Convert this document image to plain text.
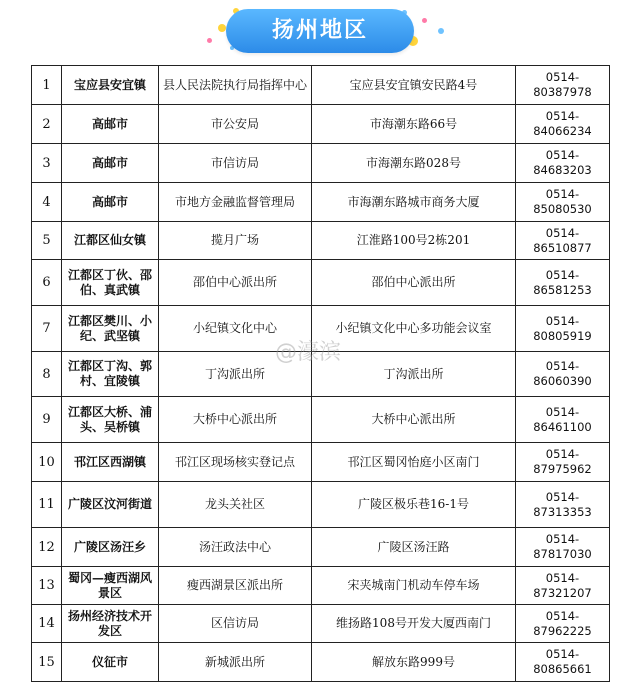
扬州地区
1	宝应县安宜镇	县人民法院执行局指挥中心	宝应县安宜镇安民路4号	0514-80387978
2	高邮市	市公安局	市海潮东路66号	0514-84066234
3	高邮市	市信访局	市海潮东路028号	0514-84683203
4	高邮市	市地方金融监督管理局	市海潮东路城市商务大厦	0514-85080530
5	江都区仙女镇	揽月广场	江淮路100号2栋201	0514-86510877
6	江都区丁伙、邵伯、真武镇	邵伯中心派出所	邵伯中心派出所	0514-86581253
7	江都区樊川、小纪、武坚镇	小纪镇文化中心	小纪镇文化中心多功能会议室	0514-80805919
8	江都区丁沟、郭村、宜陵镇	丁沟派出所	丁沟派出所	0514-86060390
9	江都区大桥、浦头、吴桥镇	大桥中心派出所	大桥中心派出所	0514-86461100
10	邗江区西湖镇	邗江区现场核实登记点	邗江区蜀冈怡庭小区南门	0514-87975962
11	广陵区汶河街道	龙头关社区	广陵区极乐巷16-1号	0514-87313353
12	广陵区汤汪乡	汤汪政法中心	广陵区汤汪路	0514-87817030
13	蜀冈—瘦西湖风景区	瘦西湖景区派出所	宋夹城南门机动车停车场	0514-87321207
14	扬州经济技术开发区	区信访局	维扬路108号开发大厦西南门	0514-87962225
15	仪征市	新城派出所	解放东路999号	0514-80865661
@濠滨
